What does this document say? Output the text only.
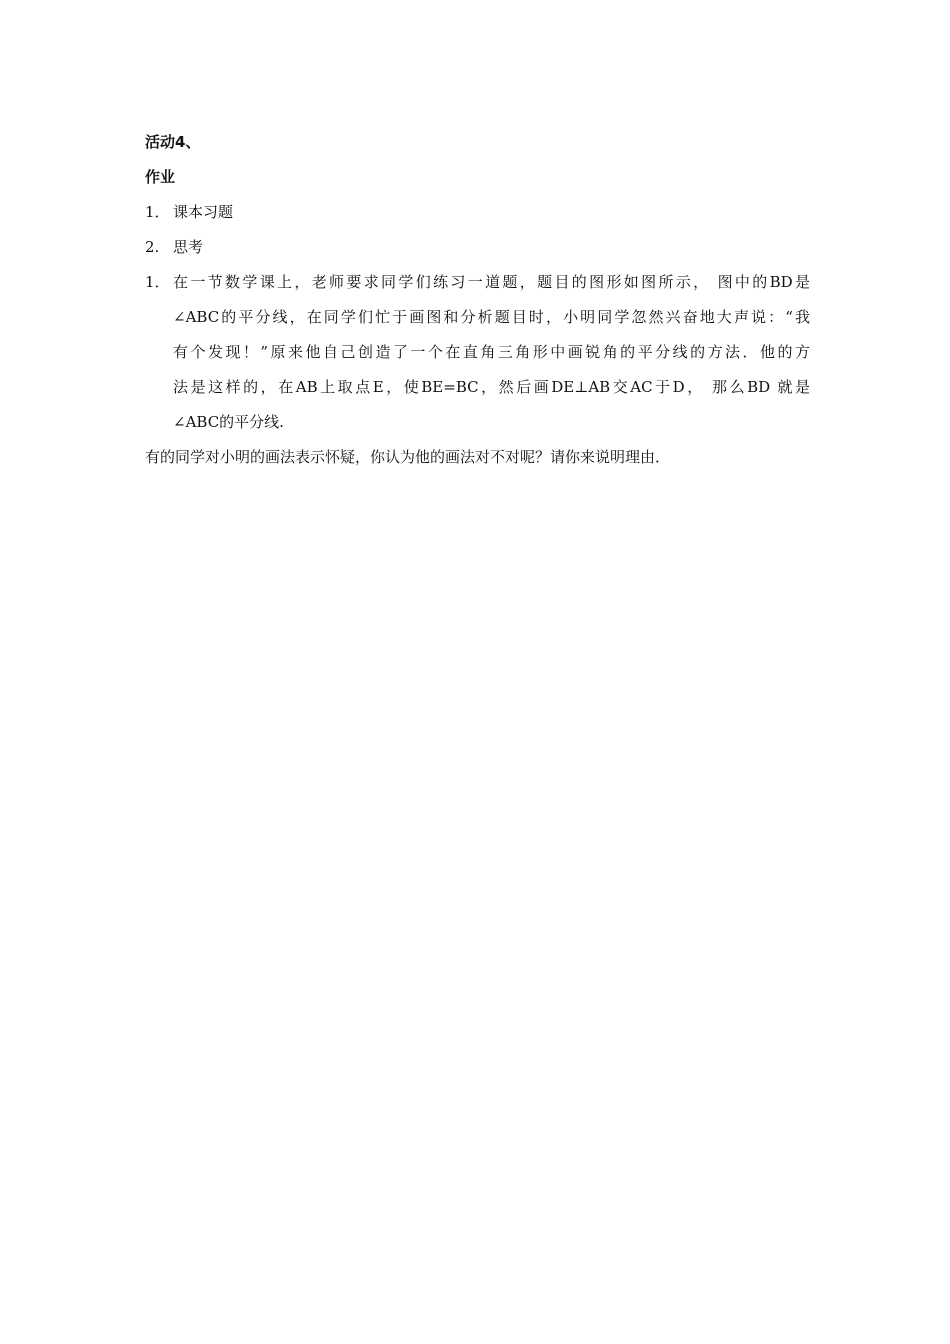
活动4、

作业

1． 课本习题
2. 思考
1． 在一节数学课上，老师要求同学们练习一道题，题目的图形如图所示， 图中的BD是

∠ABC的平分线，在同学们忙于画图和分析题目时，小明同学忽然兴奋地大声说：“我

有个发现！”原来他自己创造了一个在直角三角形中画锐角的平分线的方法．他的方

法是这样的，在AB上取点E，使BE=BC，然后画DE⊥AB交AC于D， 那么BD 就是

∠ABC的平分线.

有的同学对小明的画法表示怀疑，你认为他的画法对不对呢？请你来说明理由．
